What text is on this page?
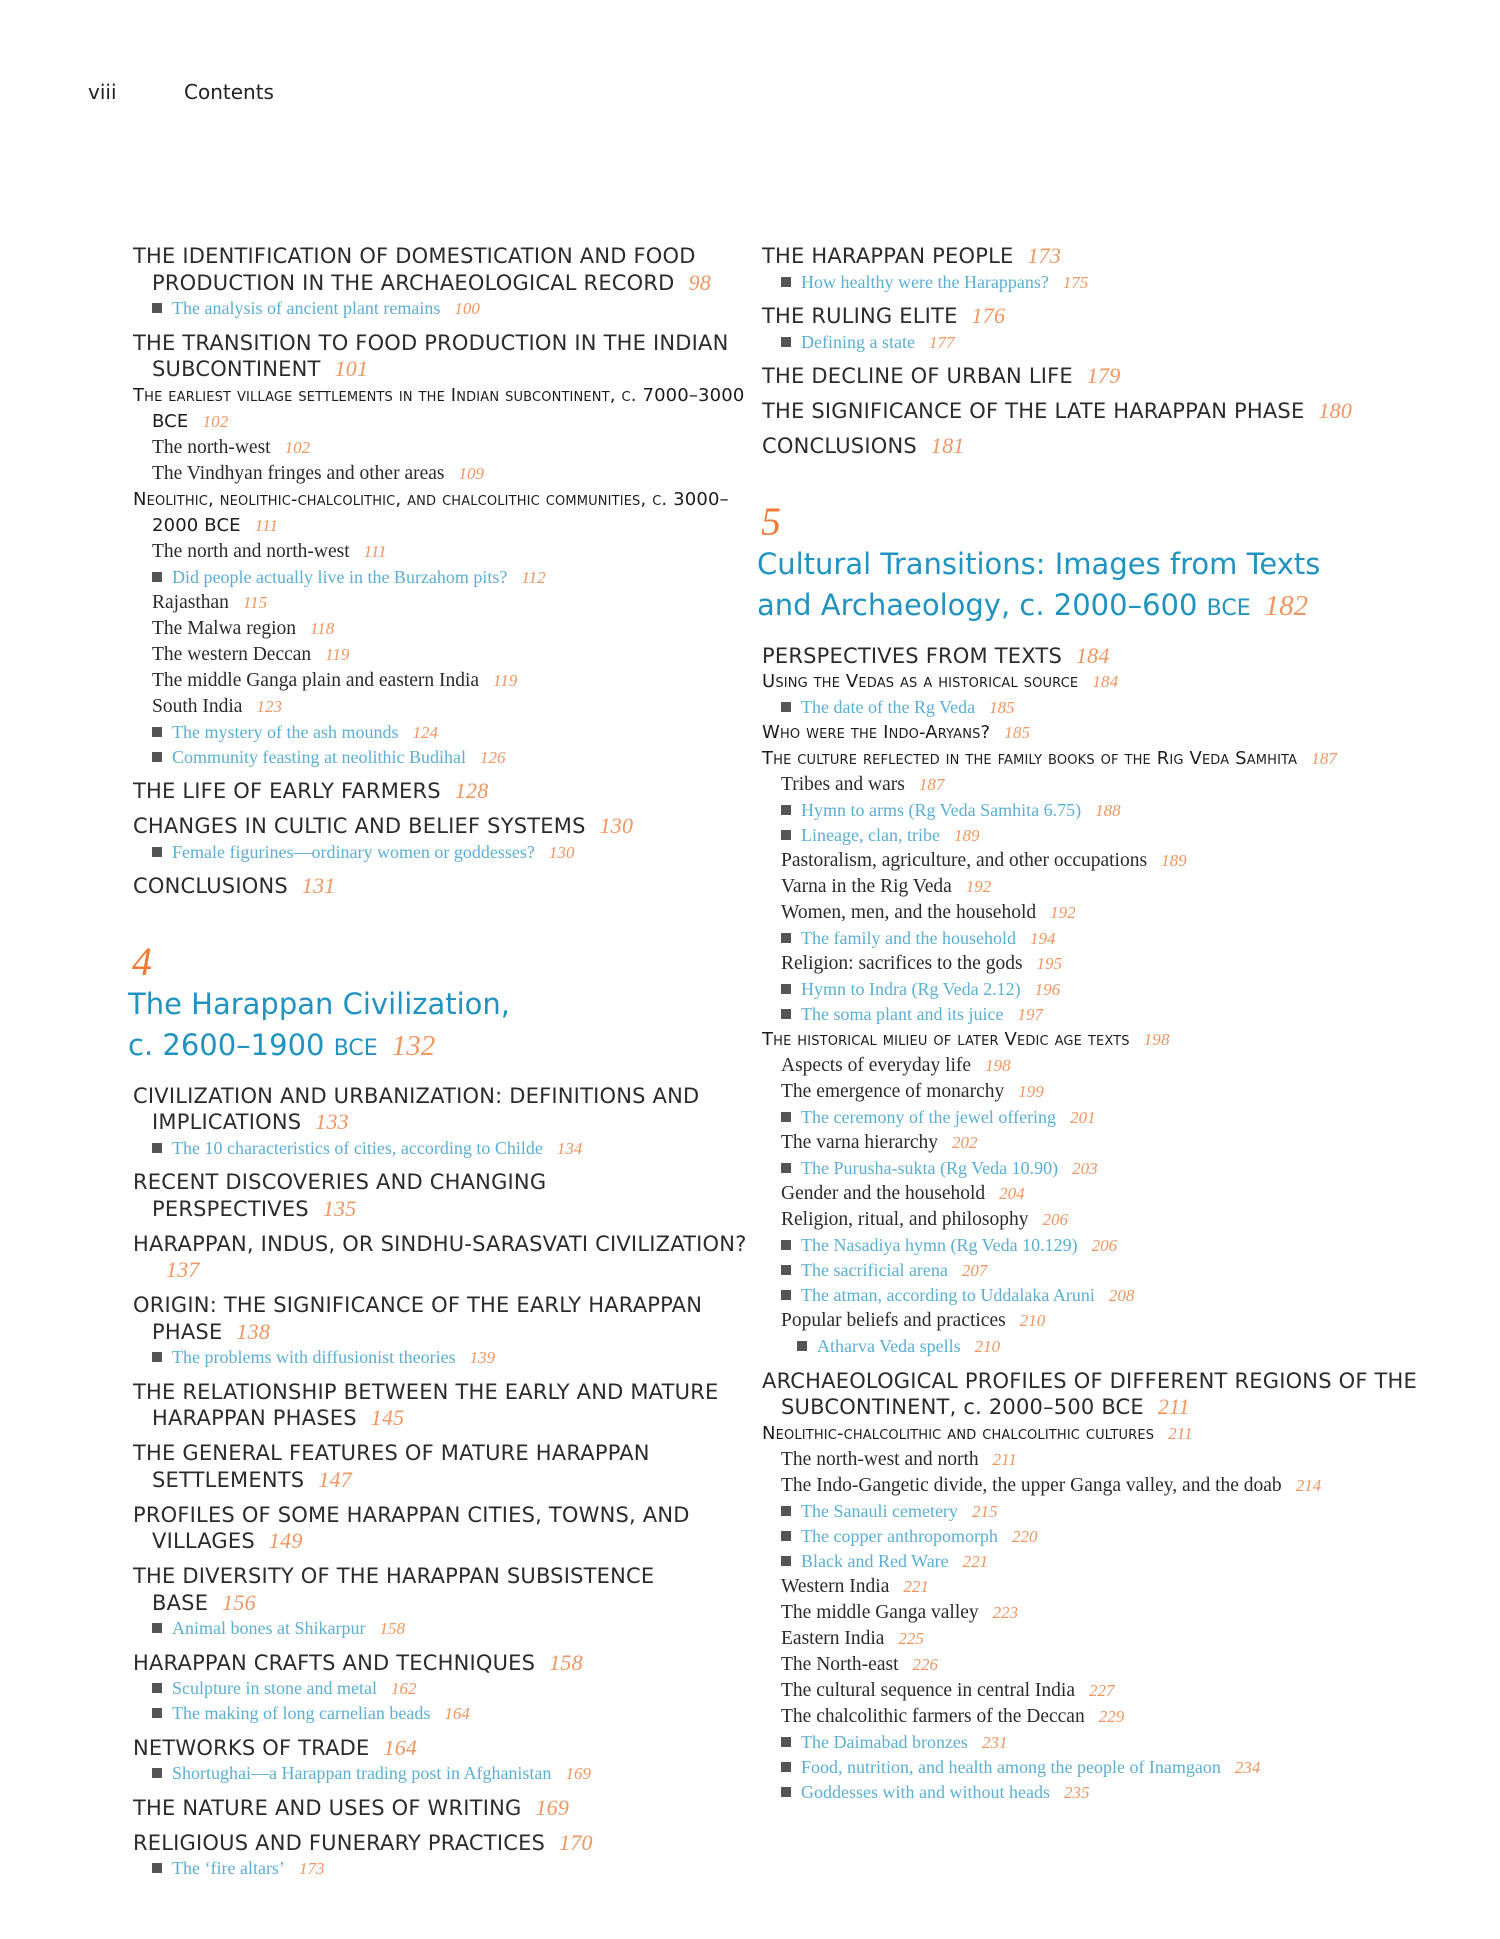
viii	Contents
THE IDENTIFICATION OF DOMESTICATION AND FOOD PRODUCTION IN THE ARCHAEOLOGICAL RECORD 98
The analysis of ancient plant remains 100
THE TRANSITION TO FOOD PRODUCTION IN THE INDIAN SUBCONTINENT 101
The earliest village settlements in the Indian subcontinent, c. 7000–3000 BCE 102
The north-west 102
The Vindhyan fringes and other areas 109
Neolithic, neolithic-chalcolithic, and chalcolithic communities, c. 3000–2000 BCE 111
The north and north-west 111
Did people actually live in the Burzahom pits? 112
Rajasthan 115
The Malwa region 118
The western Deccan 119
The middle Ganga plain and eastern India 119
South India 123
The mystery of the ash mounds 124
Community feasting at neolithic Budihal 126
THE LIFE OF EARLY FARMERS 128
CHANGES IN CULTIC AND BELIEF SYSTEMS 130
Female figurines—ordinary women or goddesses? 130
CONCLUSIONS 131
4
The Harappan Civilization,
c. 2600–1900 BCE 132
CIVILIZATION AND URBANIZATION: DEFINITIONS AND IMPLICATIONS 133
The 10 characteristics of cities, according to Childe 134
RECENT DISCOVERIES AND CHANGING PERSPECTIVES 135
HARAPPAN, INDUS, OR SINDHU-SARASVATI CIVILIZATION?137
ORIGIN: THE SIGNIFICANCE OF THE EARLY HARAPPAN PHASE 138
The problems with diffusionist theories 139
THE RELATIONSHIP BETWEEN THE EARLY AND MATURE HARAPPAN PHASES 145
THE GENERAL FEATURES OF MATURE HARAPPAN SETTLEMENTS 147
PROFILES OF SOME HARAPPAN CITIES, TOWNS, AND VILLAGES 149
THE DIVERSITY OF THE HARAPPAN SUBSISTENCE BASE 156
Animal bones at Shikarpur 158
HARAPPAN CRAFTS AND TECHNIQUES 158
Sculpture in stone and metal 162
The making of long carnelian beads 164
NETWORKS OF TRADE 164
Shortughai—a Harappan trading post in Afghanistan 169
THE NATURE AND USES OF WRITING 169
RELIGIOUS AND FUNERARY PRACTICES 170
The ‘fire altars’ 173
THE HARAPPAN PEOPLE 173
How healthy were the Harappans? 175
THE RULING ELITE 176
Defining a state 177
THE DECLINE OF URBAN LIFE 179
THE SIGNIFICANCE OF THE LATE HARAPPAN PHASE 180
CONCLUSIONS 181
5
Cultural Transitions: Images from Texts
and Archaeology, c. 2000–600 BCE 182
PERSPECTIVES FROM TEXTS 184
Using the Vedas as a historical source 184
The date of the Rg Veda 185
Who were the Indo-Aryans? 185
The culture reflected in the family books of the Rig Veda Samhita 187
Tribes and wars 187
Hymn to arms (Rg Veda Samhita 6.75) 188
Lineage, clan, tribe 189
Pastoralism, agriculture, and other occupations 189
Varna in the Rig Veda 192
Women, men, and the household 192
The family and the household 194
Religion: sacrifices to the gods 195
Hymn to Indra (Rg Veda 2.12) 196
The soma plant and its juice 197
The historical milieu of later Vedic age texts 198
Aspects of everyday life 198
The emergence of monarchy 199
The ceremony of the jewel offering 201
The varna hierarchy 202
The Purusha-sukta (Rg Veda 10.90) 203
Gender and the household 204
Religion, ritual, and philosophy 206
The Nasadiya hymn (Rg Veda 10.129) 206
The sacrificial arena 207
The atman, according to Uddalaka Aruni 208
Popular beliefs and practices 210
Atharva Veda spells 210
ARCHAEOLOGICAL PROFILES OF DIFFERENT REGIONS OF THE SUBCONTINENT, c. 2000–500 BCE 211
Neolithic-chalcolithic and chalcolithic cultures 211
The north-west and north 211
The Indo-Gangetic divide, the upper Ganga valley, and the doab 214
The Sanauli cemetery 215
The copper anthropomorph 220
Black and Red Ware 221
Western India 221
The middle Ganga valley 223
Eastern India 225
The North-east 226
The cultural sequence in central India 227
The chalcolithic farmers of the Deccan 229
The Daimabad bronzes 231
Food, nutrition, and health among the people of Inamgaon 234
Goddesses with and without heads 235
